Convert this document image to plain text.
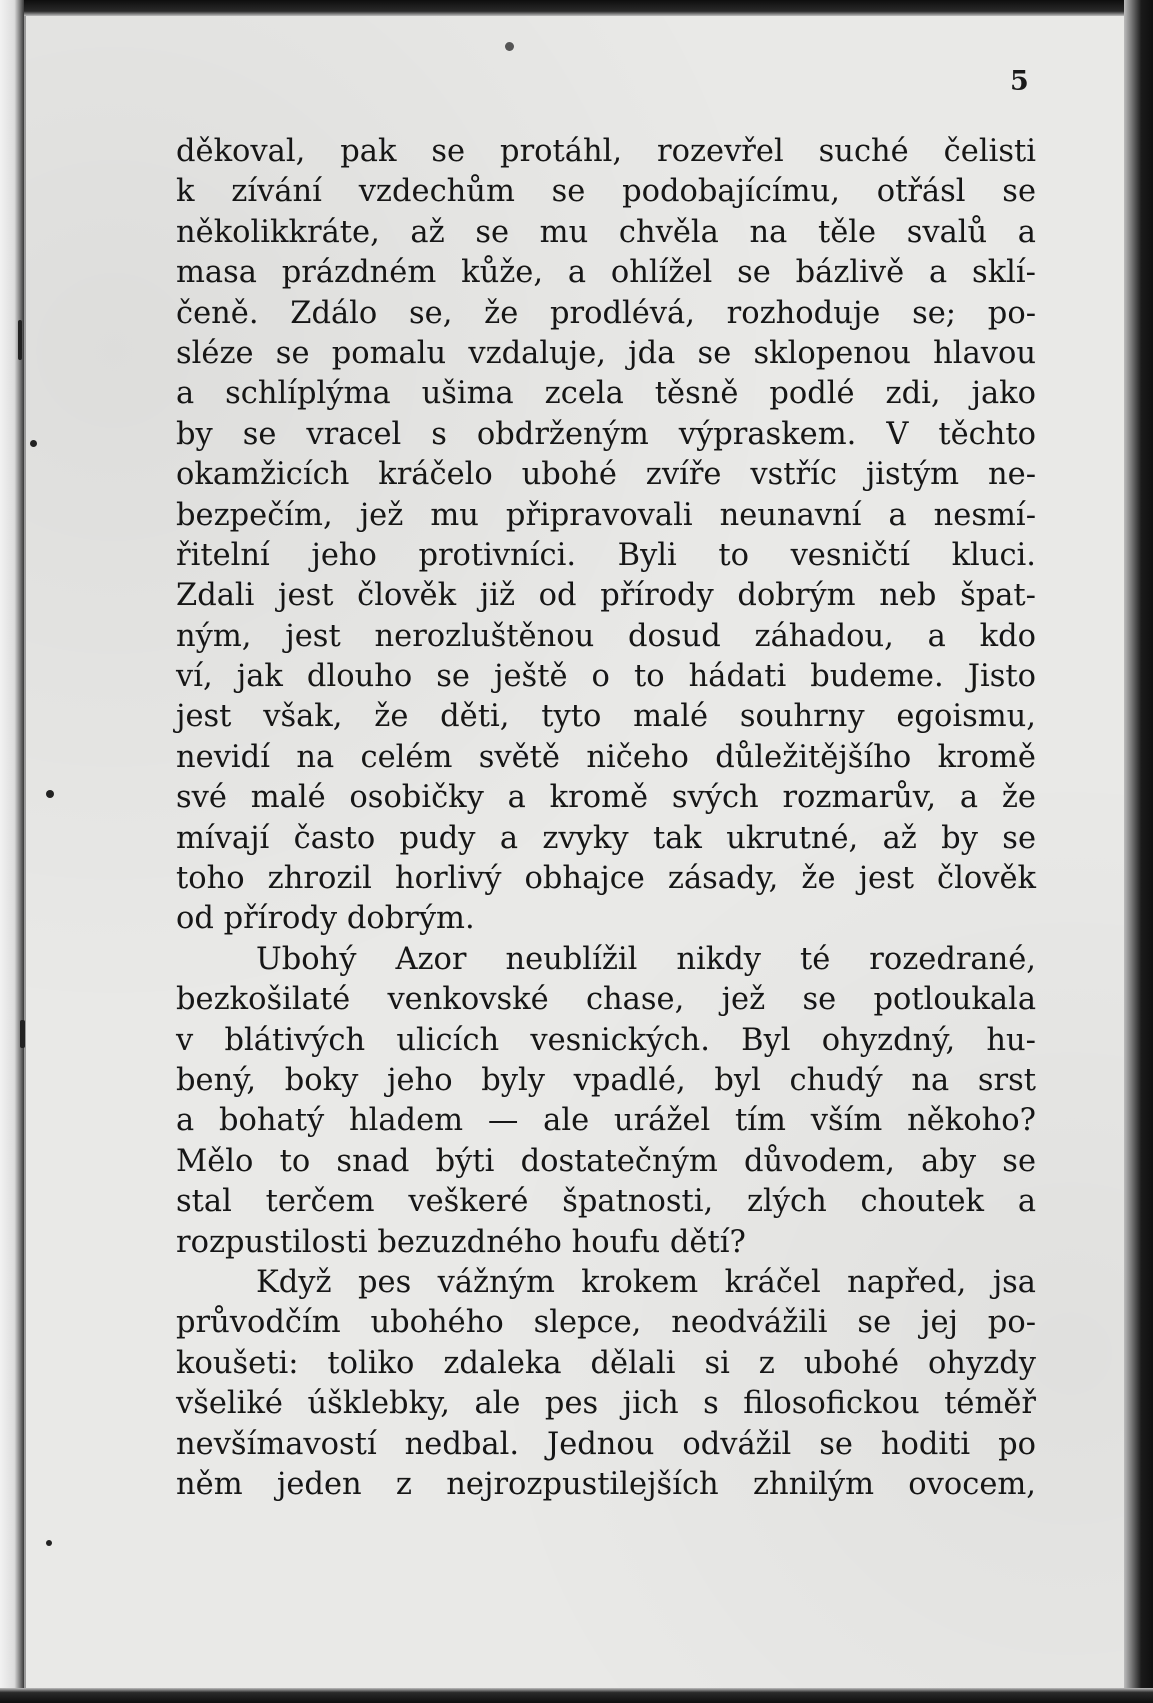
5
děkoval, pak se protáhl, rozevřel suché čelisti
k zívání vzdechům se podobajícímu, otřásl se
několikkráte, až se mu chvěla na těle svalů a
masa prázdném kůže, a ohlížel se bázlivě a sklí-
čeně. Zdálo se, že prodlévá, rozhoduje se; po-
sléze se pomalu vzdaluje, jda se sklopenou hlavou
a schlíplýma ušima zcela těsně podlé zdi, jako
by se vracel s obdrženým výpraskem. V těchto
okamžicích kráčelo ubohé zvíře vstříc jistým ne-
bezpečím, jež mu připravovali neunavní a nesmí-
řitelní jeho protivníci. Byli to vesničtí kluci.
Zdali jest člověk již od přírody dobrým neb špat-
ným, jest nerozluštěnou dosud záhadou, a kdo
ví, jak dlouho se ještě o to hádati budeme. Jisto
jest však, že děti, tyto malé souhrny egoismu,
nevidí na celém světě ničeho důležitějšího kromě
své malé osobičky a kromě svých rozmarův, a že
mívají často pudy a zvyky tak ukrutné, až by se
toho zhrozil horlivý obhajce zásady, že jest člověk
od přírody dobrým.
Ubohý Azor neublížil nikdy té rozedrané,
bezkošilaté venkovské chase, jež se potloukala
v blátivých ulicích vesnických. Byl ohyzdný, hu-
bený, boky jeho byly vpadlé, byl chudý na srst
a bohatý hladem — ale urážel tím vším někoho?
Mělo to snad býti dostatečným důvodem, aby se
stal terčem veškeré špatnosti, zlých choutek a
rozpustilosti bezuzdného houfu dětí?
Když pes vážným krokem kráčel napřed, jsa
průvodčím ubohého slepce, neodvážili se jej po-
koušeti: toliko zdaleka dělali si z ubohé ohyzdy
všeliké úšklebky, ale pes jich s filosofickou téměř
nevšímavostí nedbal. Jednou odvážil se hoditi po
něm jeden z nejrozpustilejších zhnilým ovocem,
